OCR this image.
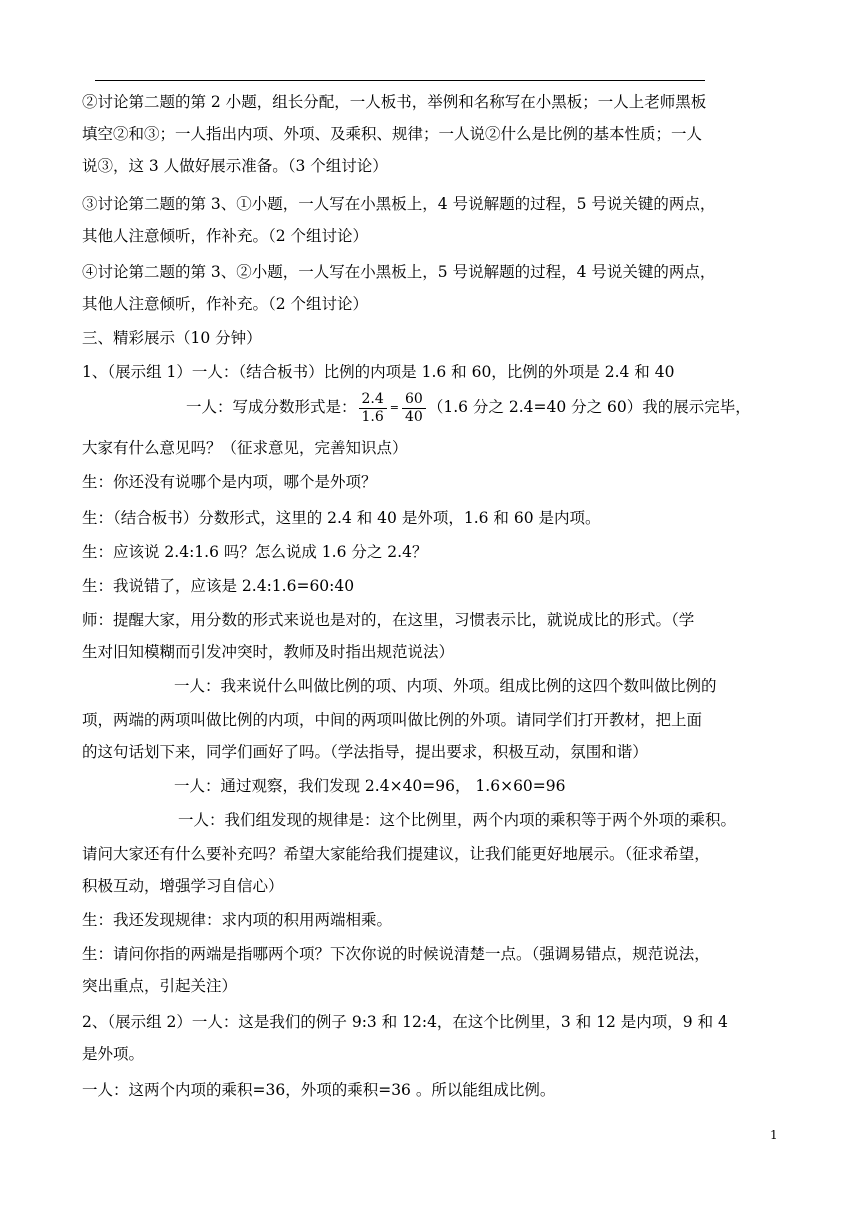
②讨论第二题的第 2 小题，组长分配，一人板书，举例和名称写在小黑板；一人上老师黑板
填空②和③；一人指出内项、外项、及乘积、规律；一人说②什么是比例的基本性质；一人
说③，这 3 人做好展示准备。（3 个组讨论）
③讨论第二题的第 3、①小题，一人写在小黑板上，4 号说解题的过程，5 号说关键的两点，
其他人注意倾听，作补充。（2 个组讨论）
④讨论第二题的第 3、②小题，一人写在小黑板上，5 号说解题的过程，4 号说关键的两点，
其他人注意倾听，作补充。（2 个组讨论）
三、精彩展示（10 分钟）
1、（展示组 1）一人：（结合板书）比例的内项是 1.6 和 60，比例的外项是 2.4 和 40
一人：写成分数形式是： $\frac{2.4}{1.6} = \frac{60}{40} (1.6$ 分之 2.4=40 分之 60）我的展示完毕，
大家有什么意见吗？（征求意见，完善知识点）
生：你还没有说哪个是内项，哪个是外项？
生：（结合板书）分数形式，这里的 2.4 和 40 是外项，1.6 和 60 是内项。
生：应该说 2.4:1.6 吗？怎么说成 1.6 分之 2.4？
生：我说错了，应该是 2.4:1.6=60:40
师：提醒大家，用分数的形式来说也是对的，在这里，习惯表示比，就说成比的形式。（学
生对旧知模糊而引发冲突时，教师及时指出规范说法）
一人：我来说什么叫做比例的项、内项、外项。组成比例的这四个数叫做比例的
项，两端的两项叫做比例的内项，中间的两项叫做比例的外项。请同学们打开教材，把上面
的这句话划下来，同学们画好了吗。（学法指导，提出要求，积极互动，氛围和谐）
一人：通过观察，我们发现 2.4×40=96， 1.6×60=96
一人：我们组发现的规律是：这个比例里，两个内项的乘积等于两个外项的乘积。
请问大家还有什么要补充吗？希望大家能给我们提建议，让我们能更好地展示。（征求希望，
积极互动，增强学习自信心）
生：我还发现规律：求内项的积用两端相乘。
生：请问你指的两端是指哪两个项？下次你说的时候说清楚一点。（强调易错点，规范说法，
突出重点，引起关注）
2、（展示组 2）一人：这是我们的例子 9:3 和 12:4，在这个比例里，3 和 12 是内项，9 和 4
是外项。
一人：这两个内项的乘积=36，外项的乘积=36 。所以能组成比例。
1
